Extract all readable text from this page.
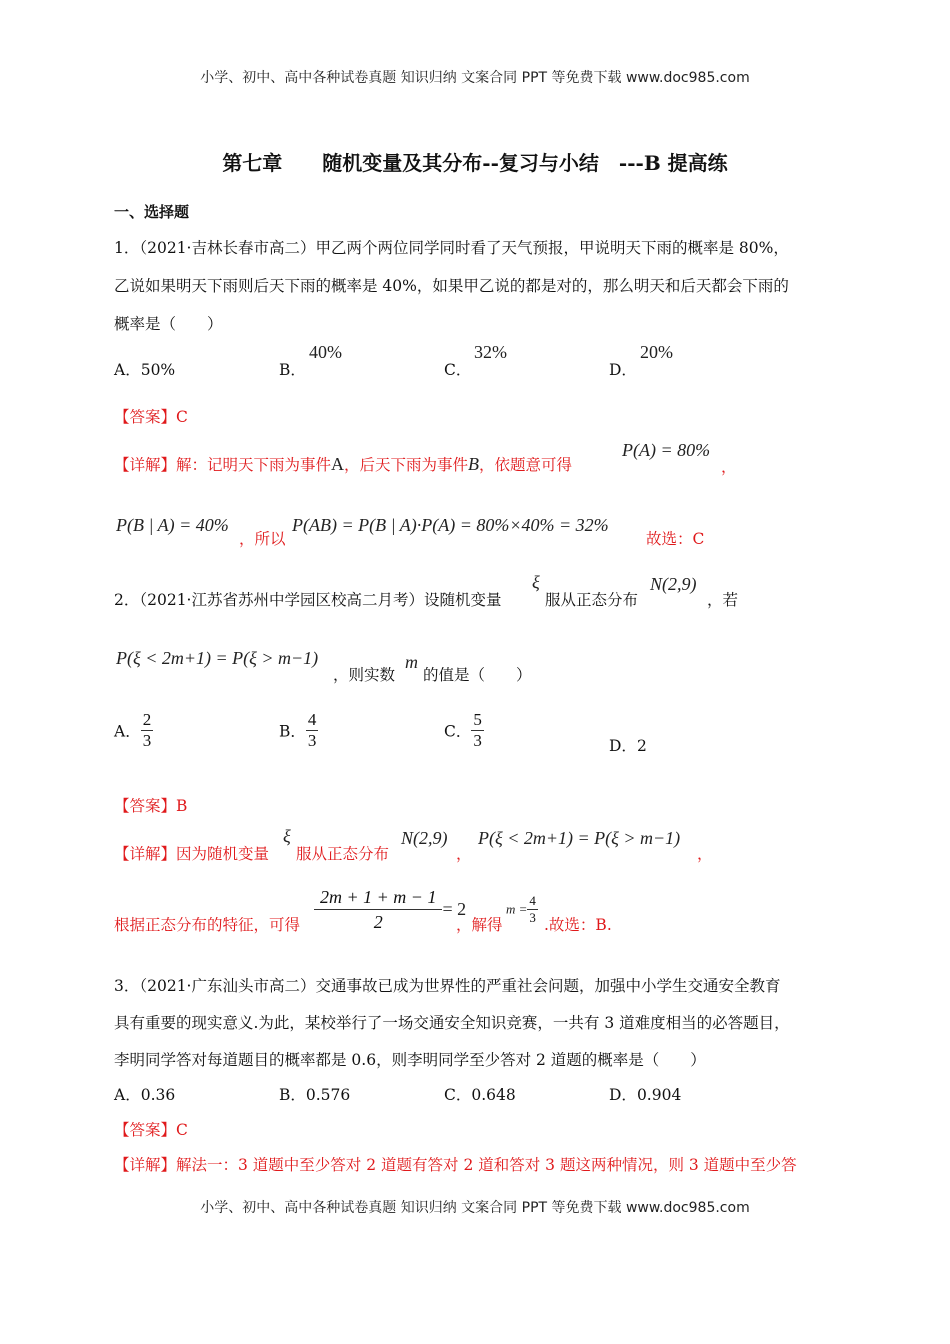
小学、初中、高中各种试卷真题 知识归纳 文案合同 PPT 等免费下载 www.doc985.com
第七章　　随机变量及其分布--复习与小结　---B 提高练
一、选择题
1．（2021·吉林长春市高二）甲乙两个两位同学同时看了天气预报，甲说明天下雨的概率是 80%，
乙说如果明天下雨则后天下雨的概率是 40%，如果甲乙说的都是对的，那么明天和后天都会下雨的
概率是（　　）
A．50%	B．
40%
C．
32%
D．
20%
【答案】C
【详解】解：记明天下雨为事件A，后天下雨为事件B，依题意可得
P(A) = 80%
，
P(B | A) = 40%
，所以
P(AB) = P(B | A)·P(A) = 80%×40% = 32%
故选：C
2．（2021·江苏省苏州中学园区校高二月考）设随机变量
ξ
服从正态分布
N(2,9)
，若
P(ξ < 2m+1) = P(ξ > m−1)
，则实数
m
的值是（　　）
A． $\frac{2}{3}$	B． $\frac{4}{3}$	C． $\frac{5}{3}$	D．2
【答案】B
【详解】因为随机变量
ξ
服从正态分布
N(2,9)
，
P(ξ < 2m+1) = P(ξ > m−1)
，
根据正态分布的特征，可得 $\frac{2m + 1 + m - 1}{2} = 2$
，解得
$m = \frac{4}{3}$ .故选：B.
3．（2021·广东汕头市高二）交通事故已成为世界性的严重社会问题，加强中小学生交通安全教育
具有重要的现实意义.为此，某校举行了一场交通安全知识竞赛，一共有 3 道难度相当的必答题目，
李明同学答对每道题目的概率都是 0.6，则李明同学至少答对 2 道题的概率是（　　）
A．0.36	B．0.576	C．0.648	D．0.904
【答案】C
【详解】解法一：3 道题中至少答对 2 道题有答对 2 道和答对 3 题这两种情况，则 3 道题中至少答
小学、初中、高中各种试卷真题 知识归纳 文案合同 PPT 等免费下载 www.doc985.com
